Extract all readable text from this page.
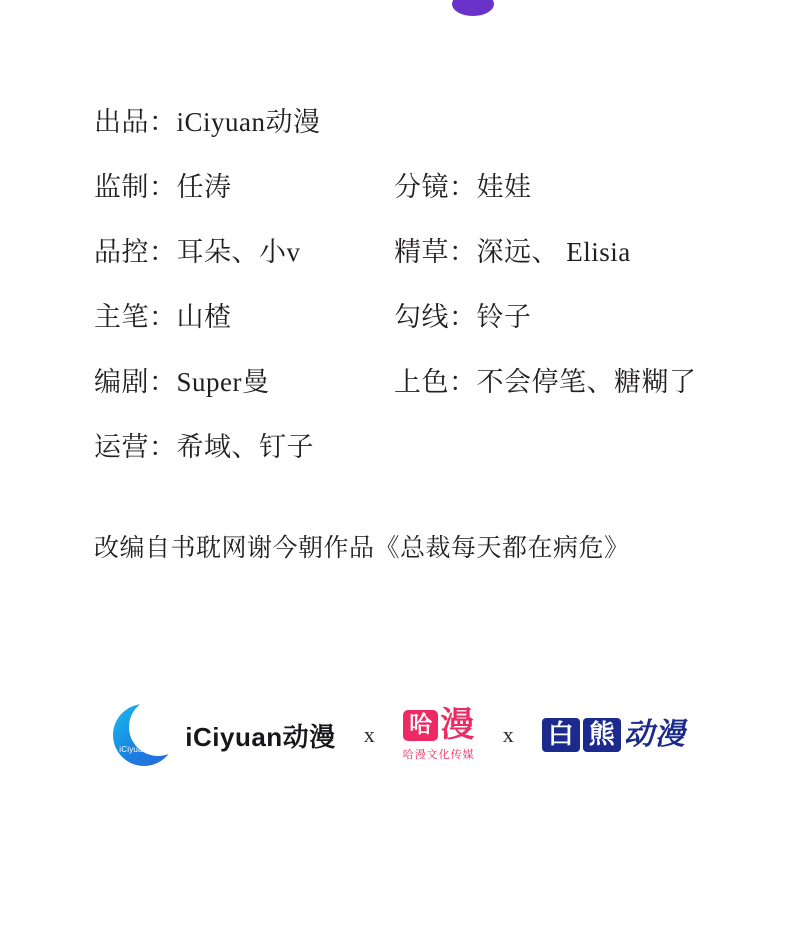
出品：iCiyuan动漫
监制：任涛	分镜：娃娃
品控：耳朵、小v	精草：深远、 Elisia
主笔：山楂	勾线：铃子
编剧：Super曼	上色：不会停笔、糖糊了
运营：希域、钉子
改编自书耽网谢今朝作品《总裁每天都在病危》
iCiyuan iCiyuan动漫 x 哈 漫
哈漫文化传媒
x 白 熊 动漫
